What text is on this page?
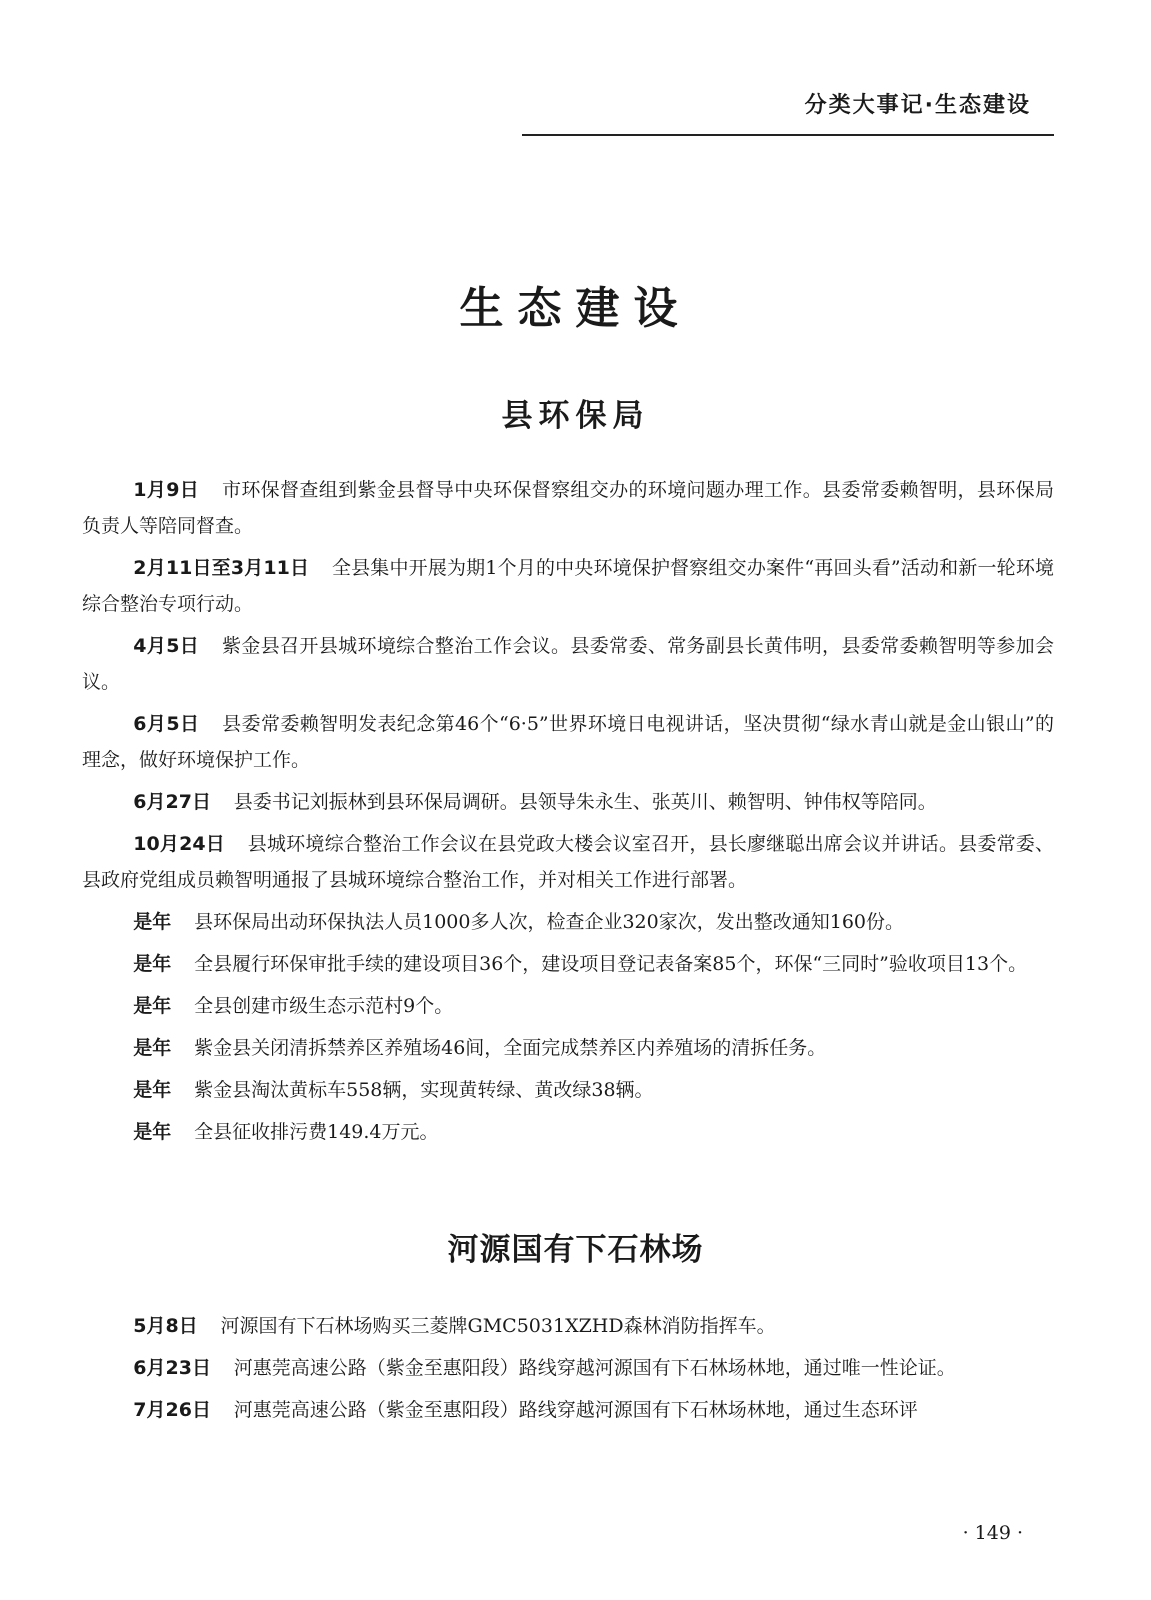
分类大事记·生态建设
生态建设
县环保局

1月9日 市环保督查组到紫金县督导中央环保督察组交办的环境问题办理工作。县委常委赖智明，县环保局负责人等陪同督查。

2月11日至3月11日 全县集中开展为期1个月的中央环境保护督察组交办案件“再回头看”活动和新一轮环境综合整治专项行动。

4月5日 紫金县召开县城环境综合整治工作会议。县委常委、常务副县长黄伟明，县委常委赖智明等参加会议。

6月5日 县委常委赖智明发表纪念第46个“6·5”世界环境日电视讲话，坚决贯彻“绿水青山就是金山银山”的理念，做好环境保护工作。

6月27日 县委书记刘振林到县环保局调研。县领导朱永生、张英川、赖智明、钟伟权等陪同。

10月24日 县城环境综合整治工作会议在县党政大楼会议室召开，县长廖继聪出席会议并讲话。县委常委、县政府党组成员赖智明通报了县城环境综合整治工作，并对相关工作进行部署。

是年 县环保局出动环保执法人员1000多人次，检查企业320家次，发出整改通知160份。

是年 全县履行环保审批手续的建设项目36个，建设项目登记表备案85个，环保“三同时”验收项目13个。

是年 全县创建市级生态示范村9个。

是年 紫金县关闭清拆禁养区养殖场46间，全面完成禁养区内养殖场的清拆任务。

是年 紫金县淘汰黄标车558辆，实现黄转绿、黄改绿38辆。

是年 全县征收排污费149.4万元。

河源国有下石林场

5月8日 河源国有下石林场购买三菱牌GMC5031XZHD森林消防指挥车。

6月23日 河惠莞高速公路（紫金至惠阳段）路线穿越河源国有下石林场林地，通过唯一性论证。

7月26日 河惠莞高速公路（紫金至惠阳段）路线穿越河源国有下石林场林地，通过生态环评

· 149 ·
